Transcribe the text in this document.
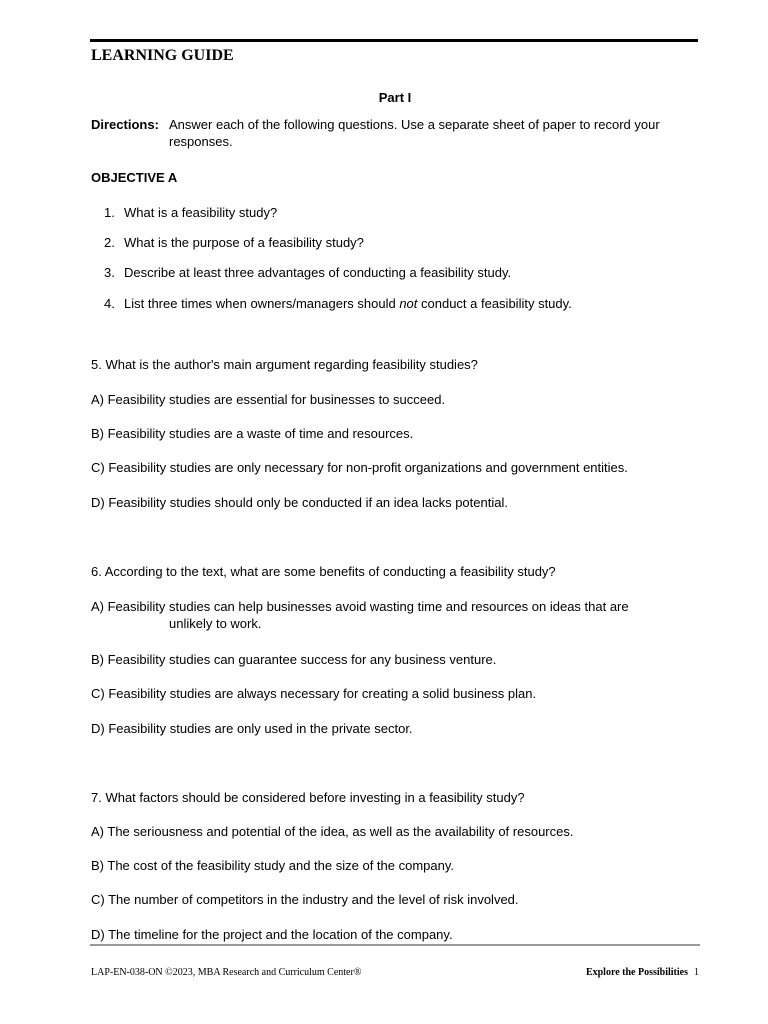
LEARNING GUIDE
Part I
Directions: Answer each of the following questions. Use a separate sheet of paper to record your responses.
OBJECTIVE A
1. What is a feasibility study?
2. What is the purpose of a feasibility study?
3. Describe at least three advantages of conducting a feasibility study.
4. List three times when owners/managers should not conduct a feasibility study.
5. What is the author's main argument regarding feasibility studies?
A) Feasibility studies are essential for businesses to succeed.
B) Feasibility studies are a waste of time and resources.
C) Feasibility studies are only necessary for non-profit organizations and government entities.
D) Feasibility studies should only be conducted if an idea lacks potential.
6. According to the text, what are some benefits of conducting a feasibility study?
A) Feasibility studies can help businesses avoid wasting time and resources on ideas that are
unlikely to work.
B) Feasibility studies can guarantee success for any business venture.
C) Feasibility studies are always necessary for creating a solid business plan.
D) Feasibility studies are only used in the private sector.
7. What factors should be considered before investing in a feasibility study?
A) The seriousness and potential of the idea, as well as the availability of resources.
B) The cost of the feasibility study and the size of the company.
C) The number of competitors in the industry and the level of risk involved.
D) The timeline for the project and the location of the company.
LAP-EN-038-ON ©2023, MBA Research and Curriculum Center®	Explore the Possibilities 1
